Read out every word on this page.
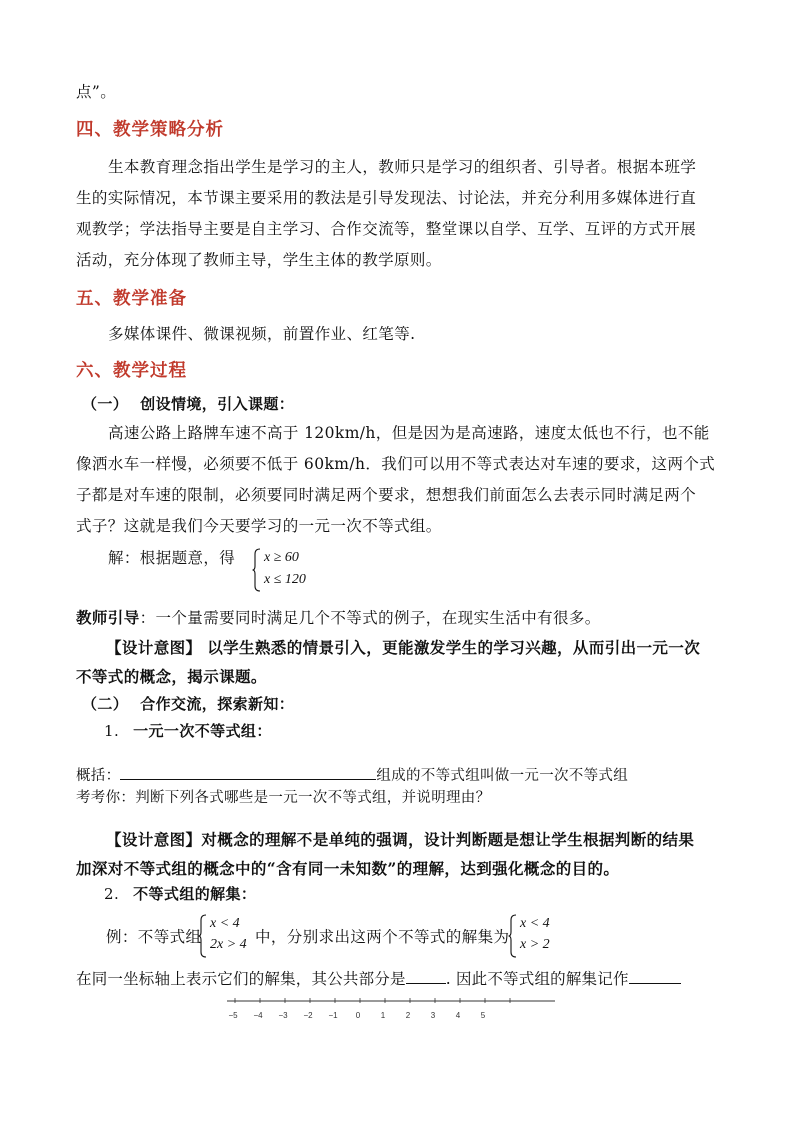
点”。
四、教学策略分析
生本教育理念指出学生是学习的主人，教师只是学习的组织者、引导者。根据本班学
生的实际情况，本节课主要采用的教法是引导发现法、讨论法，并充分利用多媒体进行直
观教学；学法指导主要是自主学习、合作交流等，整堂课以自学、互学、互评的方式开展
活动，充分体现了教师主导，学生主体的教学原则。
五、教学准备
多媒体课件、微课视频，前置作业、红笔等.
六、教学过程
（一） 创设情境，引入课题：
高速公路上路牌车速不高于 120km/h，但是因为是高速路，速度太低也不行，也不能
像洒水车一样慢，必须要不低于 60km/h．我们可以用不等式表达对车速的要求，这两个式
子都是对车速的限制，必须要同时满足两个要求，想想我们前面怎么去表示同时满足两个
式子？这就是我们今天要学习的一元一次不等式组。
解：根据题意，得 x ≥ 60
x ≤ 120
教师引导：一个量需要同时满足几个不等式的例子，在现实生活中有很多。
【设计意图】 以学生熟悉的情景引入，更能激发学生的学习兴趣，从而引出一元一次
不等式的概念，揭示课题。
（二） 合作交流，探索新知：
1. 一元一次不等式组：
概括：	组成的不等式组叫做一元一次不等式组
考考你：判断下列各式哪些是一元一次不等式组，并说明理由？
【设计意图】对概念的理解不是单纯的强调，设计判断题是想让学生根据判断的结果
加深对不等式组的概念中的“含有同一未知数”的理解，达到强化概念的目的。
2. 不等式组的解集：
例：不等式组
x < 4
2x > 4 中，分别求出这两个不等式的解集为
x < 4
x > 2
在同一坐标轴上表示它们的解集，其公共部分是	. 因此不等式组的解集记作
−5 −4 −3 −2 −1 0	1	2	3	4	5
